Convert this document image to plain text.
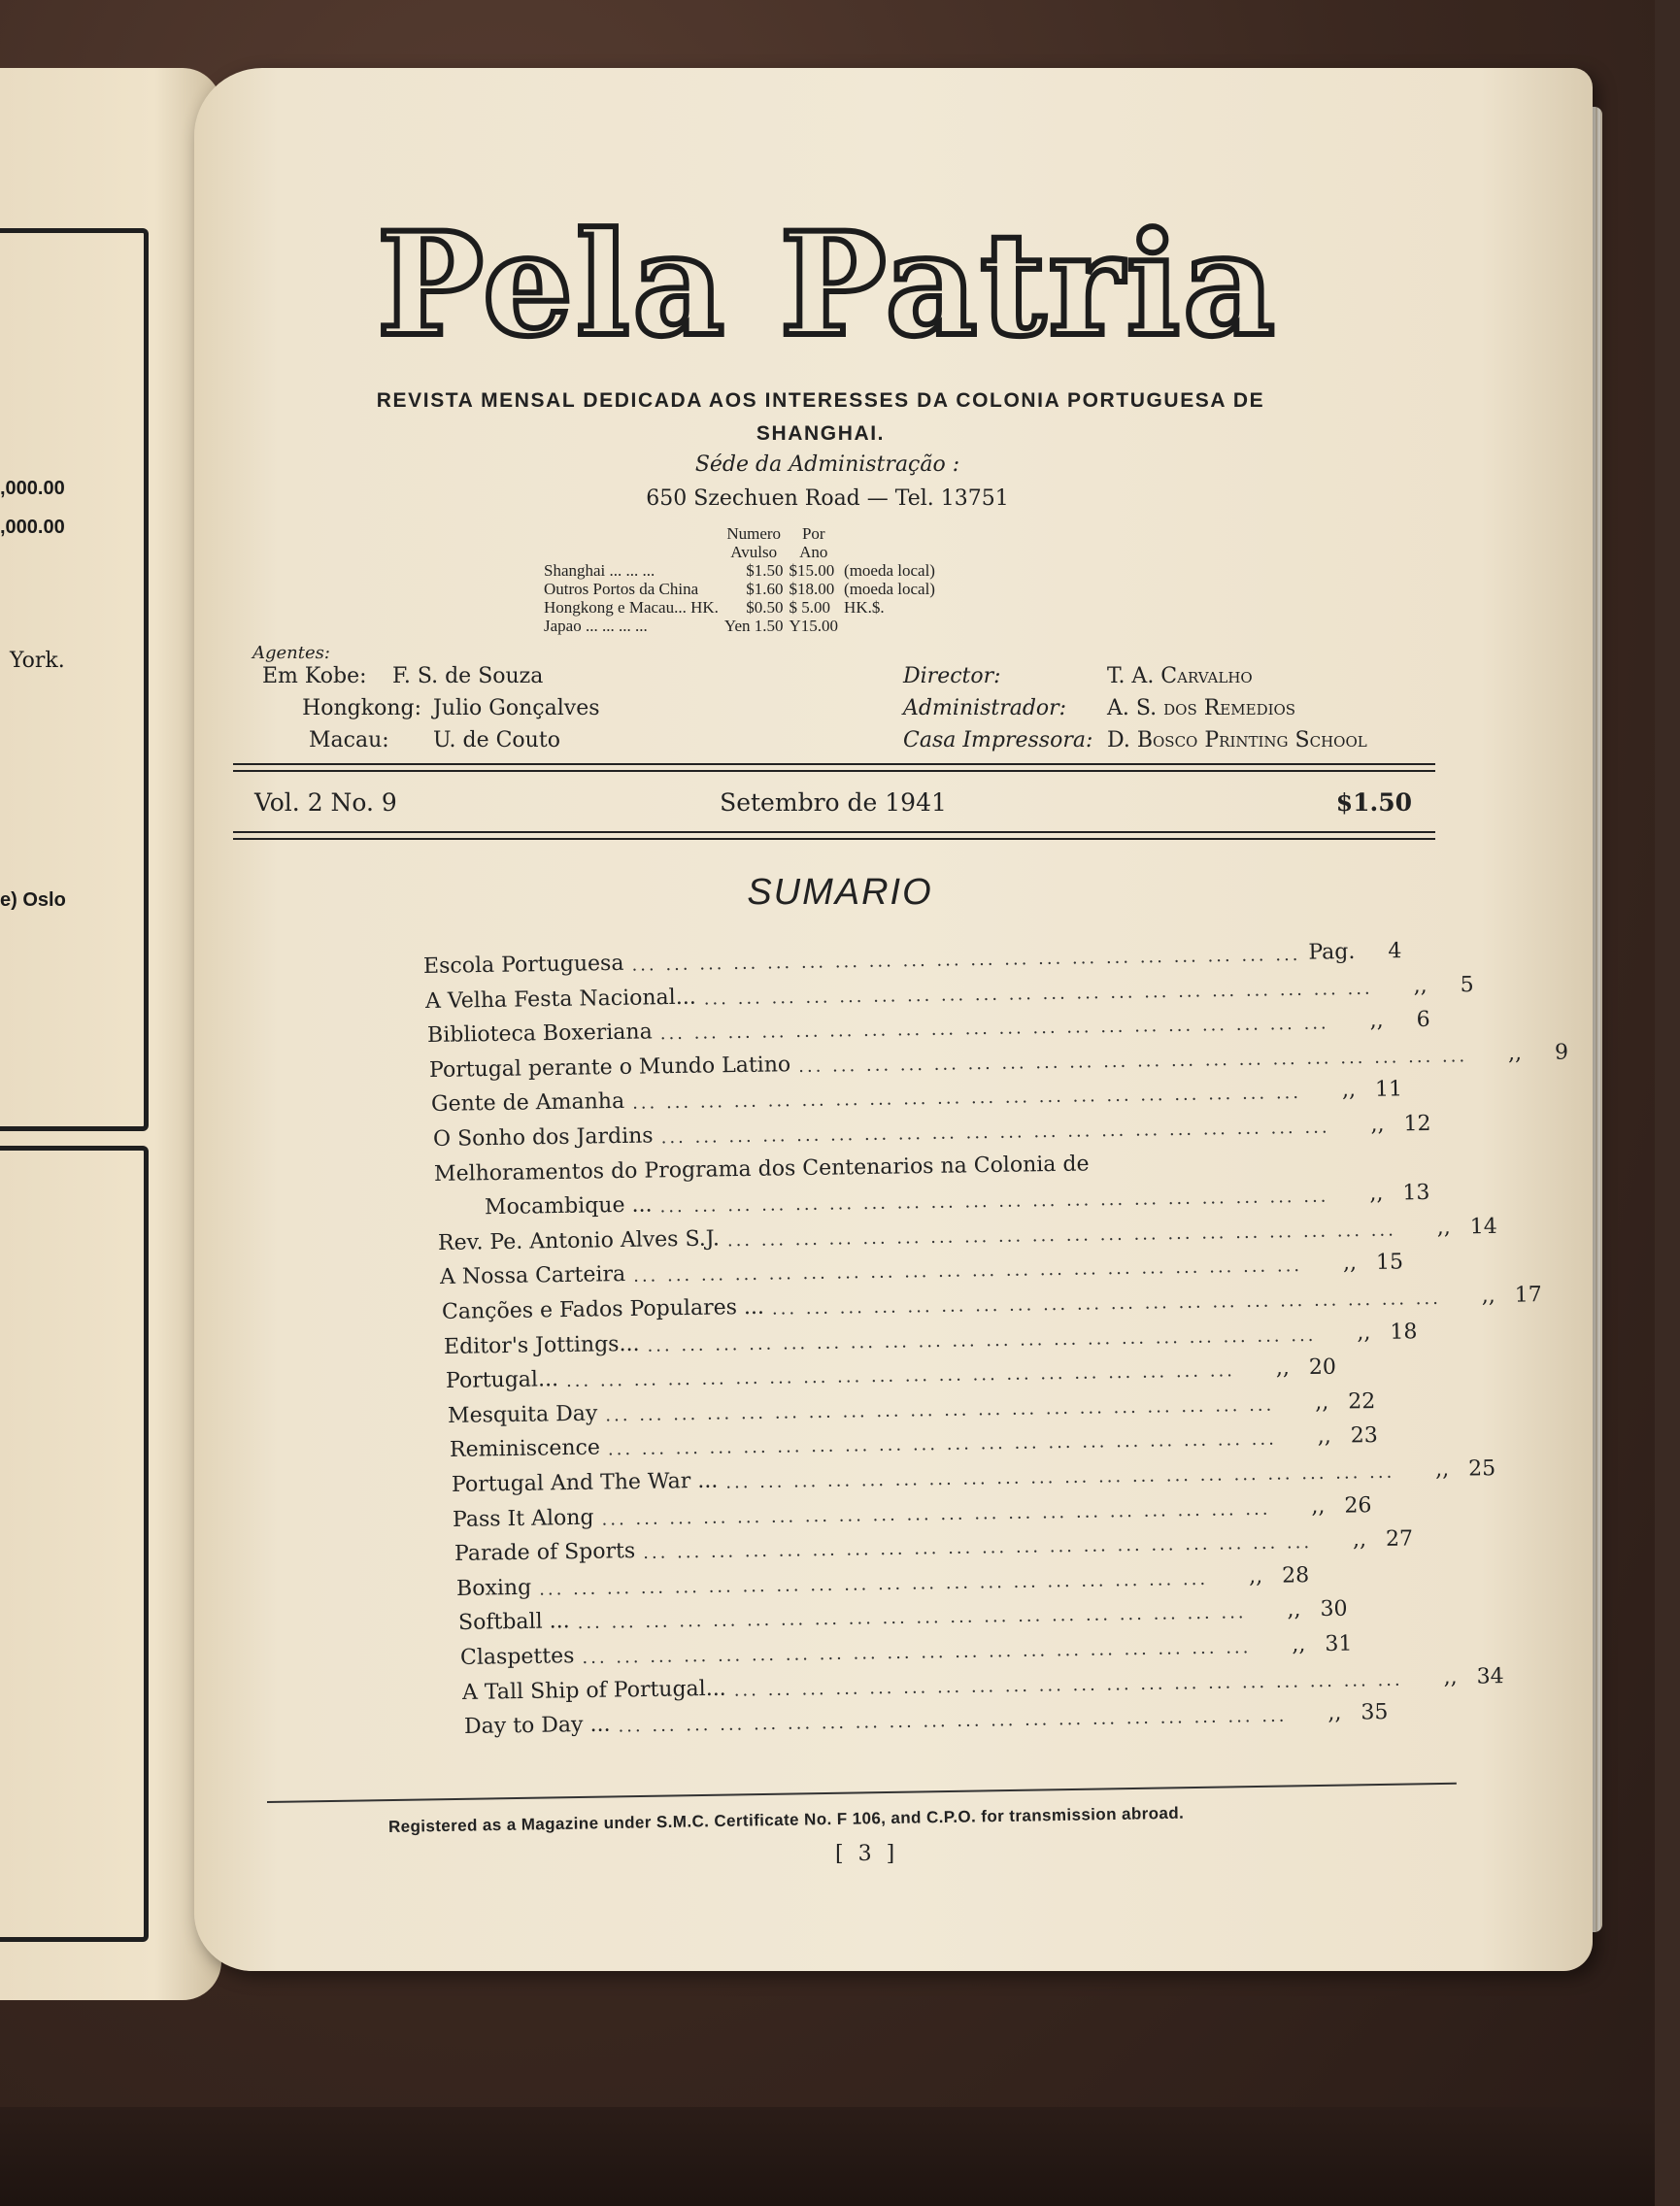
,000.00
,000.00
York.
e) Oslo
Pela Patria
REVISTA MENSAL DEDICADA AOS INTERESSES DA COLONIA PORTUGUESA DE SHANGHAI.
Séde da Administração :
650 Szechuen Road — Tel. 13751
	Numero	Por	
	Avulso	Ano	
Shanghai ... ... ...	$1.50	$15.00	(moeda local)
Outros Portos da China	$1.60	$18.00	(moeda local)
Hongkong e Macau... HK.	$0.50	$ 5.00	HK.$.
Japao ... ... ... ...	Yen 1.50	Y15.00	
Agentes:
Em Kobe: F. S. de Souza
Hongkong: Julio Gonçalves
Macau: U. de Couto
Director:	T. A. Carvalho
Administrador: A. S. dos Remedios
Casa Impressora: D. Bosco Printing School
Vol. 2 No. 9	Setembro de 1941	$1.50
SUMARIO
Escola Portuguesa ... ... ... ... ... ... ... ... ... ... ... ... ... ... ... ... ... ... ... ... Pag.	4
A Velha Festa Nacional... ... ... ... ... ... ... ... ... ... ... ... ... ... ... ... ... ... ... ... ...	,,	5
Biblioteca Boxeriana ... ... ... ... ... ... ... ... ... ... ... ... ... ... ... ... ... ... ... ...	,,	6
Portugal perante o Mundo Latino ... ... ... ... ... ... ... ... ... ... ... ... ... ... ... ... ... ... ... ...	,,	9
Gente de Amanha ... ... ... ... ... ... ... ... ... ... ... ... ... ... ... ... ... ... ... ...	,, 11
O Sonho dos Jardins ... ... ... ... ... ... ... ... ... ... ... ... ... ... ... ... ... ... ... ...	,, 12
Melhoramentos do Programa dos Centenarios na Colonia de
Mocambique ... ... ... ... ... ... ... ... ... ... ... ... ... ... ... ... ... ... ... ... ...	,, 13
Rev. Pe. Antonio Alves S.J. ... ... ... ... ... ... ... ... ... ... ... ... ... ... ... ... ... ... ... ...	,, 14
A Nossa Carteira ... ... ... ... ... ... ... ... ... ... ... ... ... ... ... ... ... ... ... ...	,, 15
Canções e Fados Populares ... ... ... ... ... ... ... ... ... ... ... ... ... ... ... ... ... ... ... ... ...	,, 17
Editor's Jottings... ... ... ... ... ... ... ... ... ... ... ... ... ... ... ... ... ... ... ... ...	,, 18
Portugal... ... ... ... ... ... ... ... ... ... ... ... ... ... ... ... ... ... ... ... ...	,, 20
Mesquita Day ... ... ... ... ... ... ... ... ... ... ... ... ... ... ... ... ... ... ... ...	,, 22
Reminiscence ... ... ... ... ... ... ... ... ... ... ... ... ... ... ... ... ... ... ... ...	,, 23
Portugal And The War ... ... ... ... ... ... ... ... ... ... ... ... ... ... ... ... ... ... ... ... ...	,, 25
Pass It Along ... ... ... ... ... ... ... ... ... ... ... ... ... ... ... ... ... ... ... ...	,, 26
Parade of Sports ... ... ... ... ... ... ... ... ... ... ... ... ... ... ... ... ... ... ... ...	,, 27
Boxing ... ... ... ... ... ... ... ... ... ... ... ... ... ... ... ... ... ... ... ...	,, 28
Softball ... ... ... ... ... ... ... ... ... ... ... ... ... ... ... ... ... ... ... ... ...	,, 30
Claspettes ... ... ... ... ... ... ... ... ... ... ... ... ... ... ... ... ... ... ... ...	,, 31
A Tall Ship of Portugal... ... ... ... ... ... ... ... ... ... ... ... ... ... ... ... ... ... ... ... ...	,, 34
Day to Day ... ... ... ... ... ... ... ... ... ... ... ... ... ... ... ... ... ... ... ... ...	,, 35
Registered as a Magazine under S.M.C. Certificate No. F 106, and C.P.O. for transmission abroad.
[ 3 ]
